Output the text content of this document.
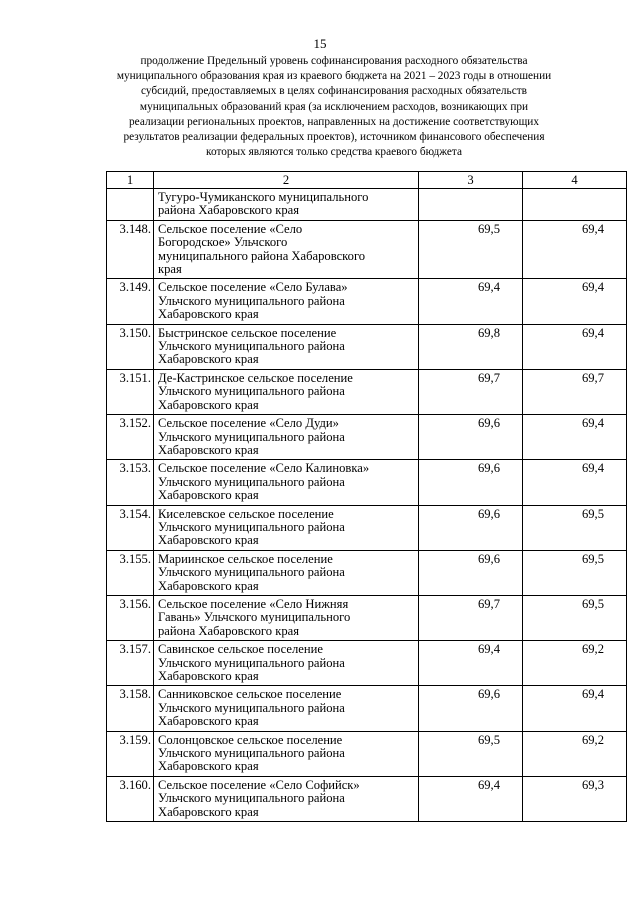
15
продолжение Предельный уровень софинансирования расходного обязательства
муниципального образования края из краевого бюджета на 2021 – 2023 годы в отношении
субсидий, предоставляемых в целях софинансирования расходных обязательств
муниципальных образований края (за исключением расходов, возникающих при
реализации региональных проектов, направленных на достижение соответствующих
результатов реализации федеральных проектов), источником финансового обеспечения
которых являются только средства краевого бюджета
1	2	3	4

	Тугуро-Чумиканского муниципального
района Хабаровского края		

3.148.	Сельское поселение «Село
Богородское» Ульчского
муниципального района Хабаровского
края	69,5	69,4
3.149.	Сельское поселение «Село Булава»
Ульчского муниципального района
Хабаровского края	69,4	69,4
3.150.	Быстринское сельское поселение
Ульчского муниципального района
Хабаровского края	69,8	69,4
3.151.	Де-Кастринское сельское поселение
Ульчского муниципального района
Хабаровского края	69,7	69,7
3.152.	Сельское поселение «Село Дуди»
Ульчского муниципального района
Хабаровского края	69,6	69,4
3.153.	Сельское поселение «Село Калиновка»
Ульчского муниципального района
Хабаровского края	69,6	69,4
3.154.	Киселевское сельское поселение
Ульчского муниципального района
Хабаровского края	69,6	69,5
3.155.	Мариинское сельское поселение
Ульчского муниципального района
Хабаровского края	69,6	69,5
3.156.	Сельское поселение «Село Нижняя
Гавань» Ульчского муниципального
района Хабаровского края	69,7	69,5
3.157.	Савинское сельское поселение
Ульчского муниципального района
Хабаровского края	69,4	69,2
3.158.	Санниковское сельское поселение
Ульчского муниципального района
Хабаровского края	69,6	69,4
3.159.	Солонцовское сельское поселение
Ульчского муниципального района
Хабаровского края	69,5	69,2
3.160.	Сельское поселение «Село Софийск»
Ульчского муниципального района
Хабаровского края	69,4	69,3
